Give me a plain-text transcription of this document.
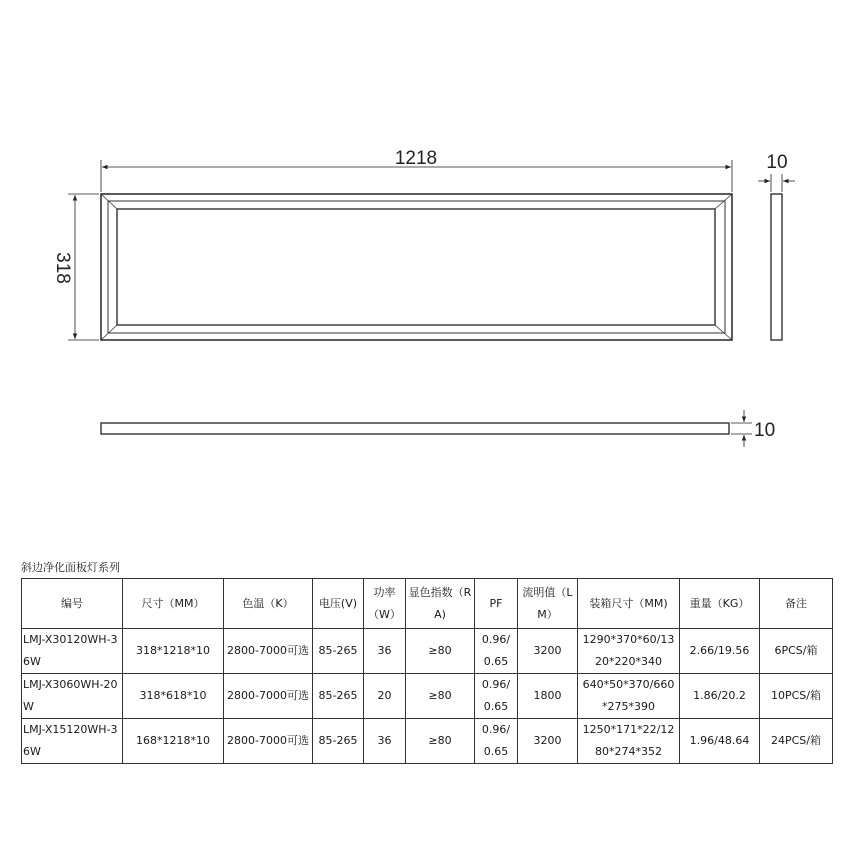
1218
318
10
10
斜边净化面板灯系列
编号	尺寸（MM）	色温（K）	电压(V)	功率（W）	显色指数（RA)	PF	流明值（LM）	装箱尺寸（MM)	重量（KG）	备注
LMJ-X30120WH-36W	318*1218*10	2800-7000可选	85-265	36	≥80	0.96/0.65	3200	1290*370*60/1320*220*340	2.66/19.56	6PCS/箱
LMJ-X3060WH-20W	318*618*10	2800-7000可选	85-265	20	≥80	0.96/0.65	1800	640*50*370/660*275*390	1.86/20.2	10PCS/箱
LMJ-X15120WH-36W	168*1218*10	2800-7000可选	85-265	36	≥80	0.96/0.65	3200	1250*171*22/1280*274*352	1.96/48.64	24PCS/箱
